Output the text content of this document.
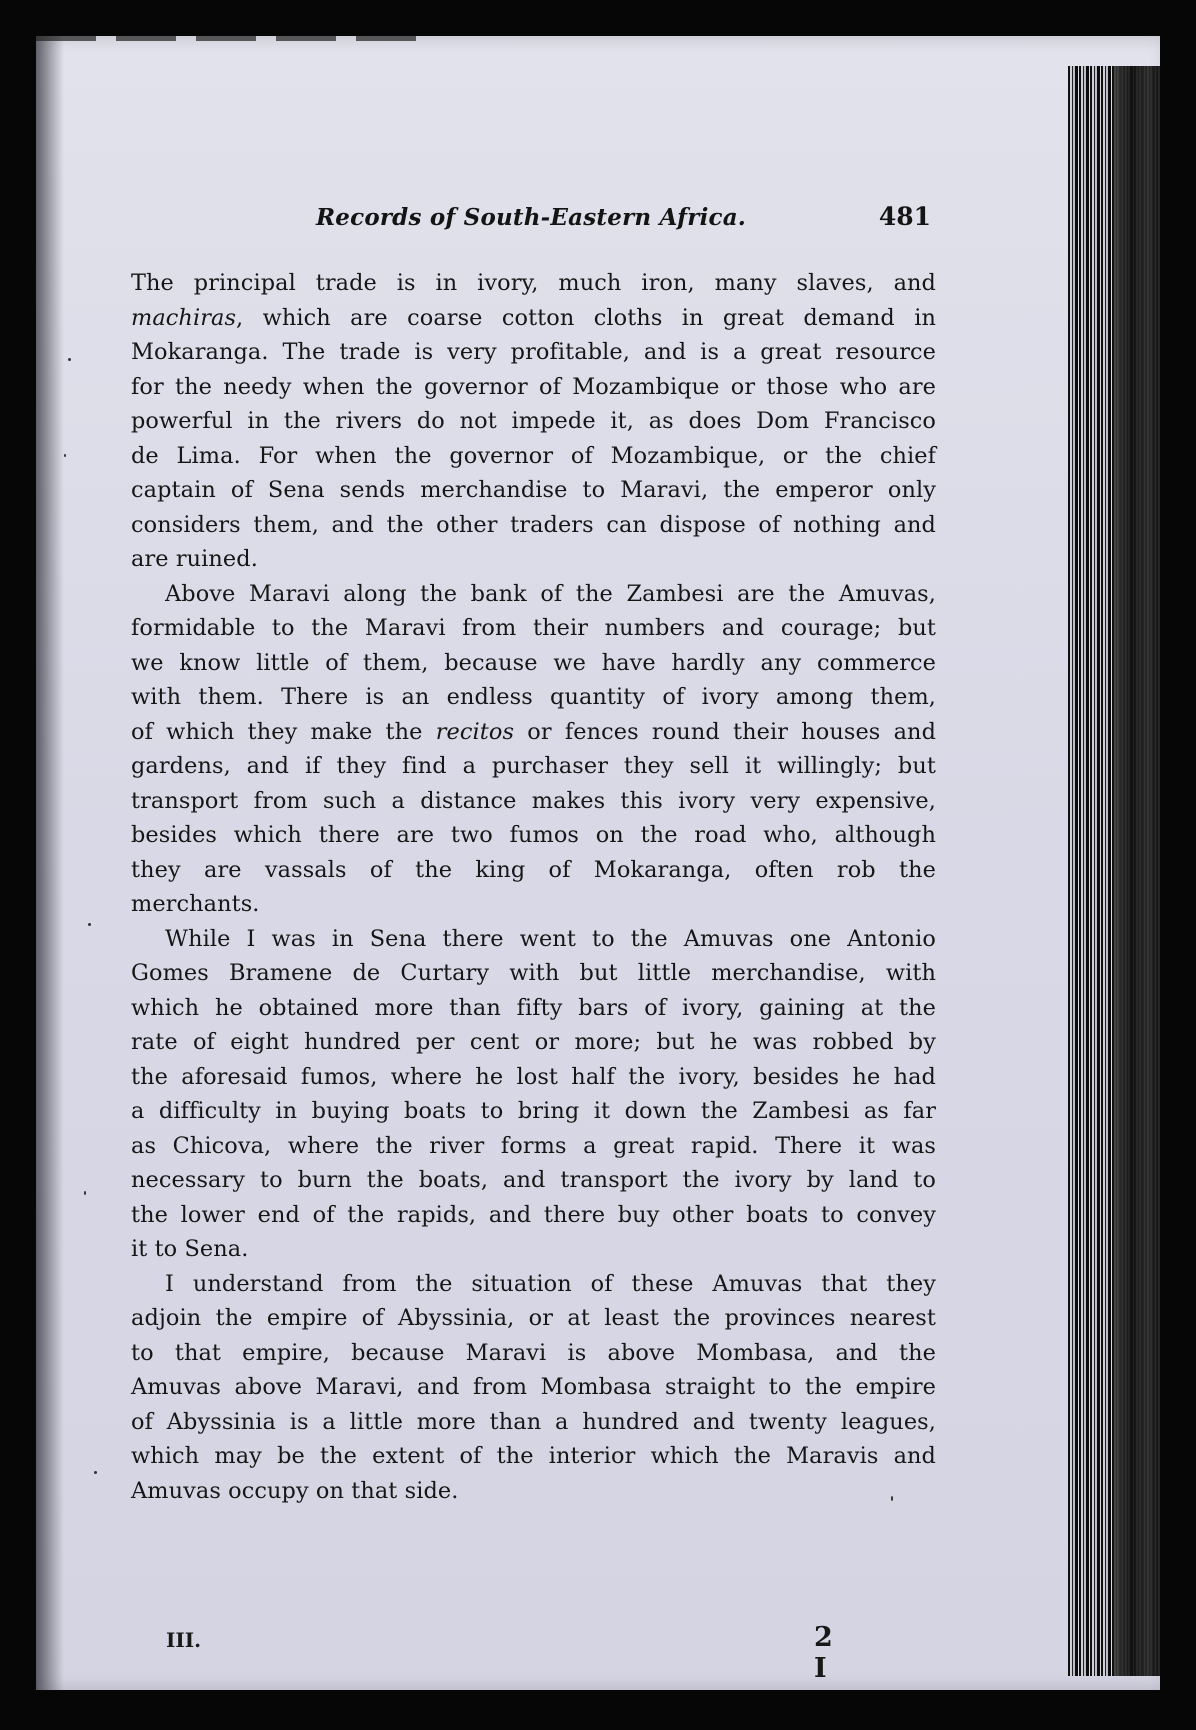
Records of South-Eastern Africa.	481
The principal trade is in ivory, much iron, many slaves, and
machiras, which are coarse cotton cloths in great demand in
Mokaranga. The trade is very profitable, and is a great resource
for the needy when the governor of Mozambique or those who are
powerful in the rivers do not impede it, as does Dom Francisco
de Lima. For when the governor of Mozambique, or the chief
captain of Sena sends merchandise to Maravi, the emperor only
considers them, and the other traders can dispose of nothing and
are ruined.
Above Maravi along the bank of the Zambesi are the Amuvas,
formidable to the Maravi from their numbers and courage; but
we know little of them, because we have hardly any commerce
with them. There is an endless quantity of ivory among them,
of which they make the recitos or fences round their houses and
gardens, and if they find a purchaser they sell it willingly; but
transport from such a distance makes this ivory very expensive,
besides which there are two fumos on the road who, although
they are vassals of the king of Mokaranga, often rob the
merchants.
While I was in Sena there went to the Amuvas one Antonio
Gomes Bramene de Curtary with but little merchandise, with
which he obtained more than fifty bars of ivory, gaining at the
rate of eight hundred per cent or more; but he was robbed by
the aforesaid fumos, where he lost half the ivory, besides he had
a difficulty in buying boats to bring it down the Zambesi as far
as Chicova, where the river forms a great rapid. There it was
necessary to burn the boats, and transport the ivory by land to
the lower end of the rapids, and there buy other boats to convey
it to Sena.
I understand from the situation of these Amuvas that they
adjoin the empire of Abyssinia, or at least the provinces nearest
to that empire, because Maravi is above Mombasa, and the
Amuvas above Maravi, and from Mombasa straight to the empire
of Abyssinia is a little more than a hundred and twenty leagues,
which may be the extent of the interior which the Maravis and
Amuvas occupy on that side.
III.	2 I
